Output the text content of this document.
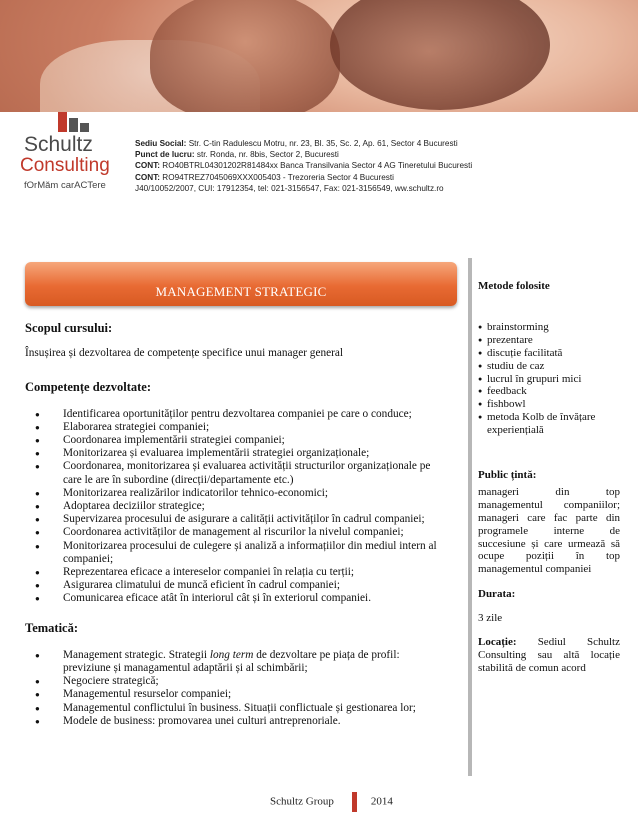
Schultz
Consulting
fOrMăm carACTere
Sediu Social: Str. C-tin Radulescu Motru, nr. 23, Bl. 35, Sc. 2, Ap. 61, Sector 4 Bucuresti
Punct de lucru: str. Ronda, nr. 8bis, Sector 2, Bucuresti
CONT: RO40BTRL04301202R81484xx Banca Transilvania Sector 4 AG Tineretului Bucuresti
CONT: RO94TREZ7045069XXX005403 - Trezoreria Sector 4 Bucuresti
J40/10052/2007, CUI: 17912354, tel: 021-3156547, Fax: 021-3156549, ww.schultz.ro
MANAGEMENT STRATEGIC
Scopul cursului:

Însușirea și dezvoltarea de competențe specifice unui manager general

Competențe dezvoltate:
● Identificarea oportunităților pentru dezvoltarea companiei pe care o conduce;
● Elaborarea strategiei companiei;
● Coordonarea implementării strategiei companiei;
● Monitorizarea și evaluarea implementării strategiei organizaționale;
● Coordonarea, monitorizarea și evaluarea activității structurilor organizaționale pe care le are în subordine (direcții/departamente etc.)
● Monitorizarea realizărilor indicatorilor tehnico-economici;
● Adoptarea deciziilor strategice;
● Supervizarea procesului de asigurare a calității activităților în cadrul companiei;
● Coordonarea activităților de management al riscurilor la nivelul companiei;
● Monitorizarea procesului de culegere și analiză a informațiilor din mediul intern al companiei;
● Reprezentarea eficace a intereselor companiei în relația cu terții;
● Asigurarea climatului de muncă eficient în cadrul companiei;
● Comunicarea eficace atât în interiorul cât și în exteriorul companiei.
Tematică:
● Management strategic. Strategii long term de dezvoltare pe piața de profil: previziune și managamentul adaptării și al schimbării;
● Negociere strategică;
● Managementul resurselor companiei;
● Managementul conflictului în business. Situații conflictuale și gestionarea lor;
● Modele de business: promovarea unei culturi antreprenoriale.
Metode folosite
● brainstorming
● prezentare
● discuție facilitată
● studiu de caz
● lucrul în grupuri mici
● feedback
● fishbowl
● metoda Kolb de învățare experiențială
Public țintă:

manageri din top managementul companiilor; manageri care fac parte din programele interne de succesiune și care urmează să ocupe poziții în top managementul companiei

Durata:

3 zile

Locație: Sediul Schultz Consulting sau altă locație stabilită de comun acord

Schultz Group	2014
